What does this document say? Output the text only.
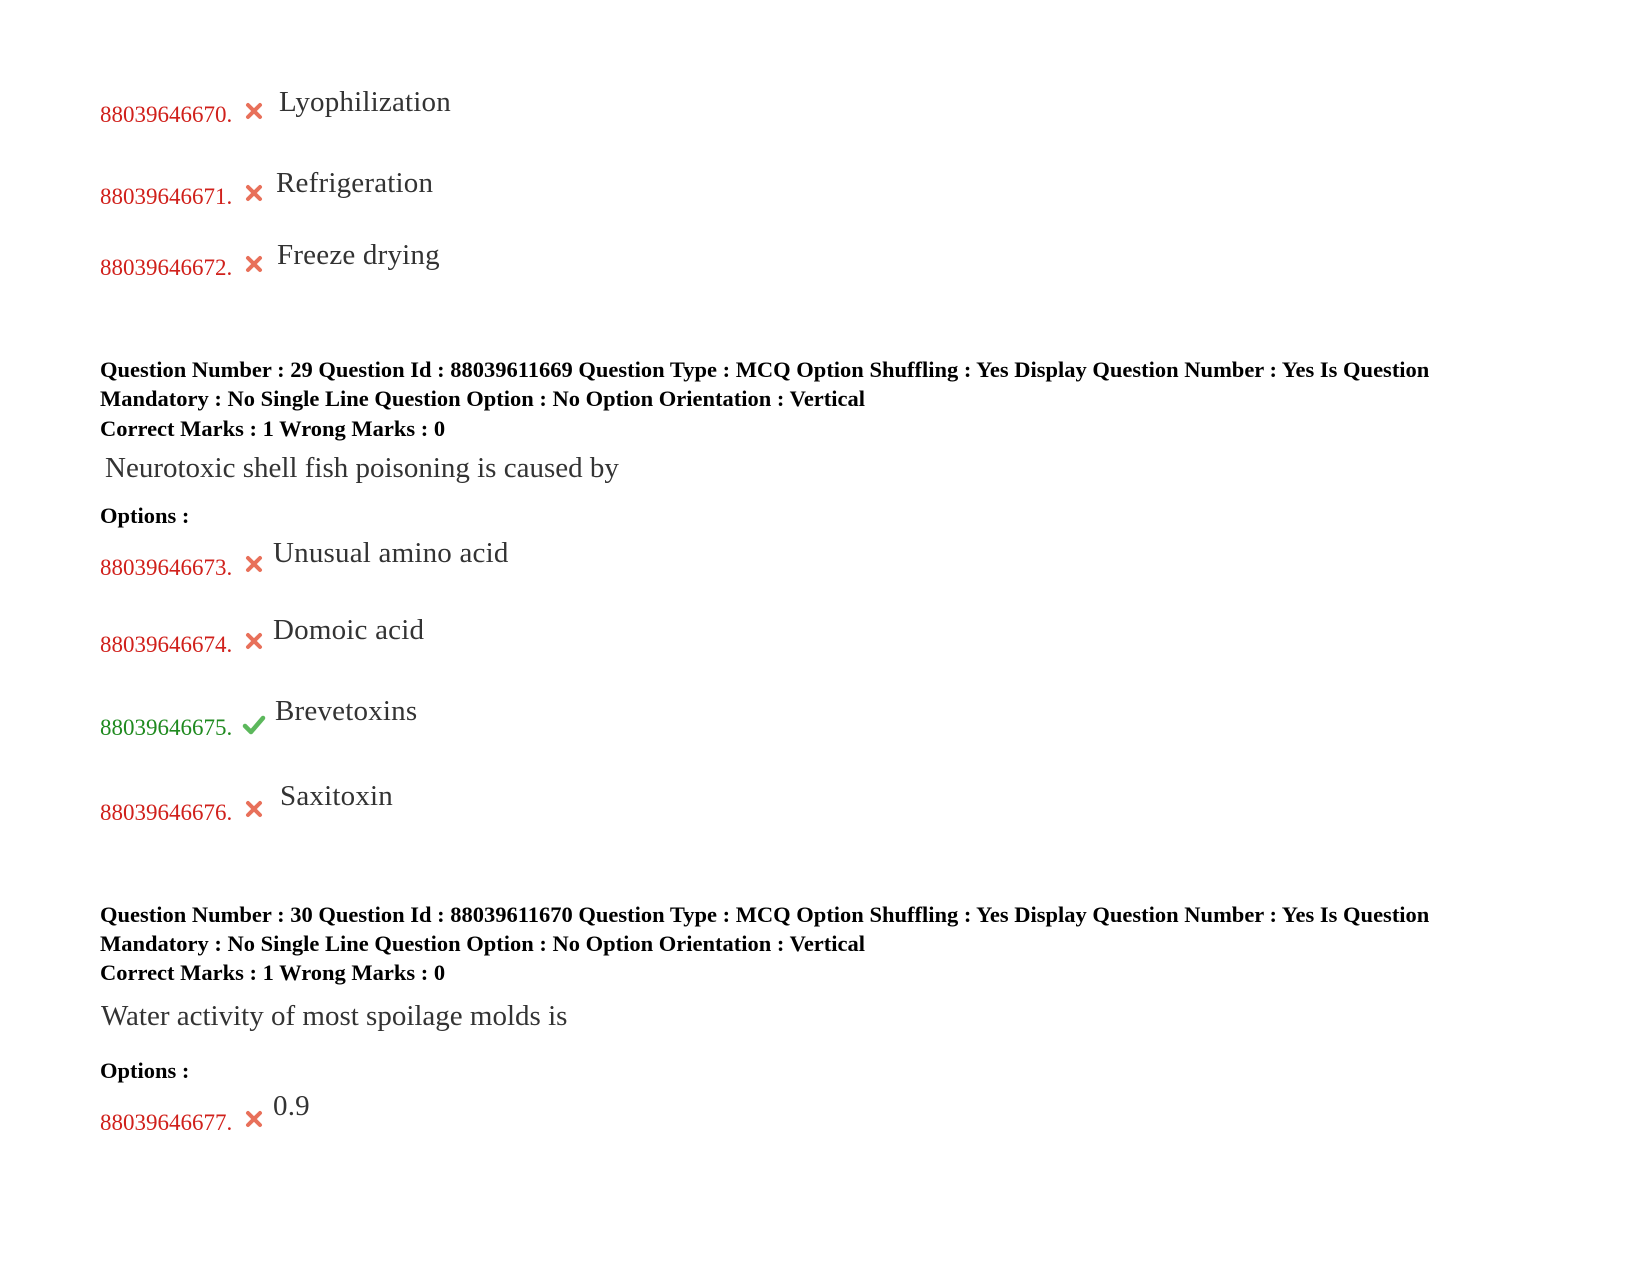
88039646670. Lyophilization
88039646671. Refrigeration
88039646672. Freeze drying
Question Number : 29 Question Id : 88039611669 Question Type : MCQ Option Shuffling : Yes Display Question Number : Yes Is Question Mandatory : No Single Line Question Option : No Option Orientation : Vertical
Correct Marks : 1 Wrong Marks : 0
Neurotoxic shell fish poisoning is caused by
Options :
88039646673. Unusual amino acid
88039646674. Domoic acid
88039646675.
Brevetoxins
88039646676.
Saxitoxin
Question Number : 30 Question Id : 88039611670 Question Type : MCQ Option Shuffling : Yes Display Question Number : Yes Is Question Mandatory : No Single Line Question Option : No Option Orientation : Vertical
Correct Marks : 1 Wrong Marks : 0
Water activity of most spoilage molds is
Options :
88039646677.
0.9
